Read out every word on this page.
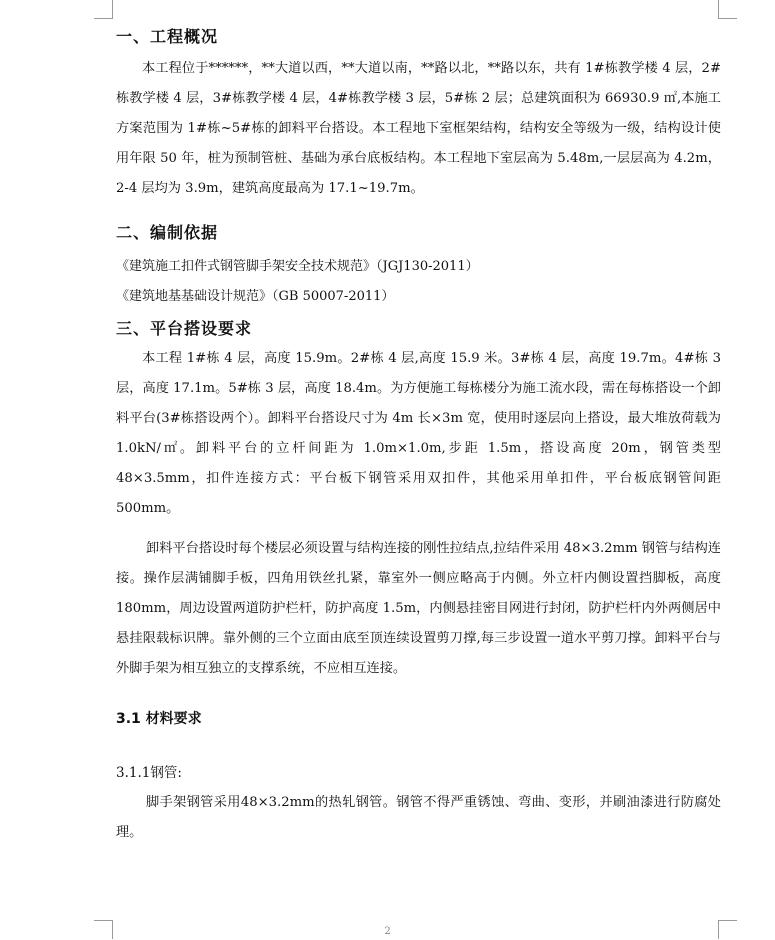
一、工程概况

本工程位于******，**大道以西，**大道以南，**路以北，**路以东，共有 1#栋教学楼 4 层，2#栋教学楼 4 层，3#栋教学楼 4 层，4#栋教学楼 3 层，5#栋 2 层；总建筑面积为 66930.9 ㎡,本施工方案范围为 1#栋~5#栋的卸料平台搭设。本工程地下室框架结构，结构安全等级为一级，结构设计使用年限 50 年，桩为预制管桩、基础为承台底板结构。本工程地下室层高为 5.48m,一层层高为 4.2m，2-4 层均为 3.9m，建筑高度最高为 17.1~19.7m。

二、编制依据

《建筑施工扣件式钢管脚手架安全技术规范》（JGJ130-2011）

《建筑地基基础设计规范》（GB 50007-2011）

三、平台搭设要求

本工程 1#栋 4 层，高度 15.9m。2#栋 4 层,高度 15.9 米。3#栋 4 层，高度 19.7m。4#栋 3 层，高度 17.1m。5#栋 3 层，高度 18.4m。为方便施工每栋楼分为施工流水段，需在每栋搭设一个卸料平台(3#栋搭设两个）。卸料平台搭设尺寸为 4m 长×3m 宽，使用时逐层向上搭设，最大堆放荷载为 1.0kN/㎡。卸料平台的立杆间距为 1.0m×1.0m,步距 1.5m，搭设高度 20m，钢管类型　48×3.5mm，扣件连接方式：平台板下钢管采用双扣件，其他采用单扣件，平台板底钢管间距 500mm。

卸料平台搭设时每个楼层必须设置与结构连接的刚性拉结点,拉结件采用 48×3.2mm 钢管与结构连接。操作层满铺脚手板，四角用铁丝扎紧，靠室外一侧应略高于内侧。外立杆内侧设置挡脚板，高度 180mm，周边设置两道防护栏杆，防护高度 1.5m，内侧悬挂密目网进行封闭，防护栏杆内外两侧居中悬挂限载标识牌。靠外侧的三个立面由底至顶连续设置剪刀撑,每三步设置一道水平剪刀撑。卸料平台与外脚手架为相互独立的支撑系统，不应相互连接。

3.1 材料要求

3.1.1钢管:

脚手架钢管采用48×3.2mm的热轧钢管。钢管不得严重锈蚀、弯曲、变形，并刷油漆进行防腐处理。

2
